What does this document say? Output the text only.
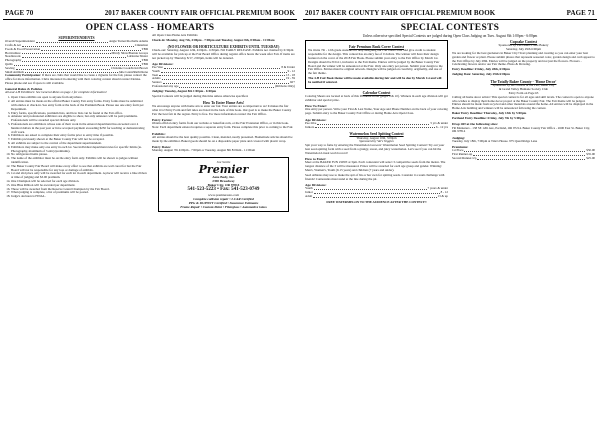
PAGE 70	2017 BAKER COUNTY FAIR OFFICIAL PREMIUM BOOK
OPEN CLASS - HOMEARTS
SUPERINTENDENTS
Overall Superintendent	Angie Turner/Rochelle Adams
Crafts & Art	Cinnamon
Foods & Food Preservation	TBD
Horticulture	Mindy Shaw/Bonnie Groves
Needlework	LaDonna Shafer
Photography	TBD
Quilts	TBD
Sewing	Christine Cook/Kristi Brown
Small Animals	Julie Grant/Ruthi Rene

Community Participation: If there are clubs that would like to create a vignette for the fair, please contact the office for more information. Clubs interested in entering with their coloring contest should contact Denise. Please phone and see if space is still available.

General Rules & Policies

All and 4-H Exhibitors: See General Rules on page 1 for complete information!

1. Open Class exhibits are open to anyone from anywhere.
2. All entries must be made on the official Baker County Fair entry forms. Entry forms must be submitted with entries at check-in. See entry form at the back of the Premium Book. Please use one entry form per Department.
3. Entry forms, specifications, premium lists, and how lists can be found at the Fair office.
4. Amateur and professional exhibitors are eligible to show, but only amateurs will be paid premiums. Professionals will be awarded special ribbons only.
5. Professionals are exhibitors whose sale of their work in the entered department has exceeded over 4 hundred dollars in the past year or have accepted payment exceeding $250 for teaching or demonstrating craft work.
6. Exhibitors are asked to complete their entry forms prior to entry time if possible.
7. Exhibits previously shown at the Baker County Fair will not be accepted.
8. All exhibits are subject to the control of the department superintendent.
9. Exhibitors may make only one entry in each lot. See individual department rules for specific limits (ie. Photography, maximum of 3 entry/premiums).
10. No refrigerated items please.
11. The name of the exhibitor must be on the entry form only. Exhibits will be shown to judges without identification.
12. The Baker County Fair Board will make every effort to see that exhibits are well cared for but the Fair Board will not be responsible for any loss or damage of exhibits.
13. 1st and 2nd place only will be awarded for each lot in each department. A placer will receive a blue ribbon at time of judging and $3.00 premium.
14. One Champion will be selected for each age division.
15. One Blue Ribbon will be awarded per department.
16. Those will be awarded from the Reserve Grand Champion by the Fair Board.
17. When judging is complete, a list of premiums will be posted.
18. Judge's decision is FINAL.

All Open Class Home Arts Exhibits

Check-in: Monday, Aug 7th, 4:00pm - 7:00pm and Tuesday, August 8th, 8:00am - 11:00am

(NO FLOWER OR HORTICULTURE EXHIBITS UNTIL TUESDAY)

Check-out: Saturday, August 12th, 4:00pm - 6:30pm. NO EARLY RELEASE. Exhibits not claimed by 6:30pm will be available for pick up at the Fair Board Office during regular office hours the week after Fair. If items are not picked up by Thursday 8/17, 2:00pm, items will be donated.

Age Divisions:
Pee Wee	8 & Under
Youth	9 - 12
Teen	13 - 18
Adults	19 - 59
Seniors	60+
Professional any age	(Ribbons Only)

Judging: Tuesday, August 8th 1:00pm - 6:00pm

Special Contests will be judged during this time unless otherwise specified.

How To Enter Home Arts!

We encourage anyone with home arts to enter our fair. Your entries are so important to us! It makes the fair what it is! Entry Form and full rules are listed in the back of this book. Our goal is to make the Baker County Fair the best fair in the region. Entry is free. For more information contact the Fair Office.

Entry Forms:

Obtain official entry forms from our website or bakerfair.com, or the Fair Extension Office, or in this book. Note: Each department entered requires a separate entry form. Please complete this prior to coming to the Fair.

Exhibits:

All entries should be the best quality possible. Clean, mended, neatly presented. Homemade articles should be made by the exhibitor. Baked goods should be on a disposable paper plate and covered with plastic wrap.

Entry Dates:

Monday, August 7th 4:00pm - 7:00pm or Tuesday, August 8th 8:00am - 11:00am

Joe Scotts
Premier
Auto Body, Inc.
2390 Broadway
Baker City, OR 97814
541-523-5223 • Fax: 541-523-0749
www.premierauto.com
Complete collision repair • I-CAR Certified
PPG & DUPONT Certified • Insurance Estimates
Frame Repair • Custom Paint • Fiberglass • Automotive Glass
2017 BAKER COUNTY FAIR OFFICIAL PREMIUM BOOK	PAGE 71
SPECIAL CONTESTS
Unless otherwise specified Special Contests are judged during Open Class Judging on Tues. August 8th 1:00pm - 6:00pm
Fair Premium Book Cover Contest

We invite 7th - 12th grade students for help designing our Fair book cover and give credit to student responsible for the design. This contest has an entry fee of 0 dollars. The winner will have their design featured on the cover of the 2018 Fair Book. Please submit your entry to the Fair Office by March 1st. Designs should be 8.5x11, inclusive to the Fair theme. Entries will be judged by the Baker County Fair Board and the winner will be announced at the Fair. Only one entry per person. Submit your design to the Fair Office. Entries must be original artwork. Designs will be judged on creativity, originality, and use of the fair theme.

The 4-H Fair Book theme will be made available during fair and will be due by March 1st and will be notified if selected.

Calendar Contest

Coloring Sheets are located at back of this Premium Book (pages 9 & 10). Winners in each age division will get exhibitor and special prize.

How To Enter:

One entry per person. Write your First & Last Name, Your Age and Phone Number on the back of your coloring page. Submit entry to the Baker County Fair Office or during Home Arts Open Class.

Age Divisions:
Pee-Wee	5 yrs & under
Juniors	6 - 12 yrs
Watermelon Seed Spitting Contest
Thursday, August 10th, 3:00pm
Sponsored by Val's Veggies

Spit your way to fame by entering the Watermelon Growers' Watermelon Seed Spitting Contest! Try out your best seed-spitting form with a seed from a grungy, sweet, and juicy watermelon. Let's see if you can hit the Watermelon Lineal world record!

How to Enter:

Meet at the BAKER FUN ZONE at 3pm. Each contestant will select 3 competitive seeds from the melon. The longest distance of the 3 will be measured. Prizes will be awarded for each age group and gender. Winning: Men's, Women's, Youth (9-15 years) and children (7 years and under).

Seed Athletes may use to make the spit of his or her own for spitting seeds. Consider it a team challenge with friends! Contestants must stand at the line during the pit.

Age Divisions:
Youth	7 years & under
Junior	8 - 12
Adult	13 & up
FREE WATERMELON TO THE AUDIENCE AFTER THE CONTEST!!
Cupcake Contest
Sponsored by The Baker's Nest Bakery
Saturday, July 29th 6:00pm

We are looking for the best gardeners in Baker City! Start planning and creating so you can enter your best garden and flower or plant. Please submit photos that represent seasonal color, garden design and curb appeal to the Fair Office by July 28th. Entries will be judged on the property and not just the flowers. Flowers - Celebrating flowers and/or our Fair theme. Photo & Drawing.

Entry Deadline: Friday, July 28th, 6:00pm

Judging Date: Saturday, July 29th 6:00pm

The Totally Baker County - 'Home Decor'
Sponsored by the Friends of the Fair, Baker City
& Grand Valley Humane Society Club
Entry Form on Page 63

Calling all home decor artists! This special contest is for all ages and skill levels. The contest is open to anyone who wishes to display their home decor project at the Baker County Fair. The Fair theme will be judged. Entries should be made from recycled and other materials around the home. All entries will be displayed in the Home Arts building and winners will be announced following the contest.

Baker Entry Deadline: Thursday, July 13th by 5:00pm

Portland Entry Deadline: Friday, July 7th by 5:00pm

Drop Off at the following sites:

FR Marketers - 138 SE 12th Ave, Portland, OR 97214. Baker County Fair Office - 2600 East St. Baker City, OR 97814

Judging:

Tuesday, July 18th, 7:00pm at Tide's House. 975 Quad Ridge Lane

Premiums:
1st Place	$50.00
First Runner-up	$35.00
Second Runner-Up	$25.00
